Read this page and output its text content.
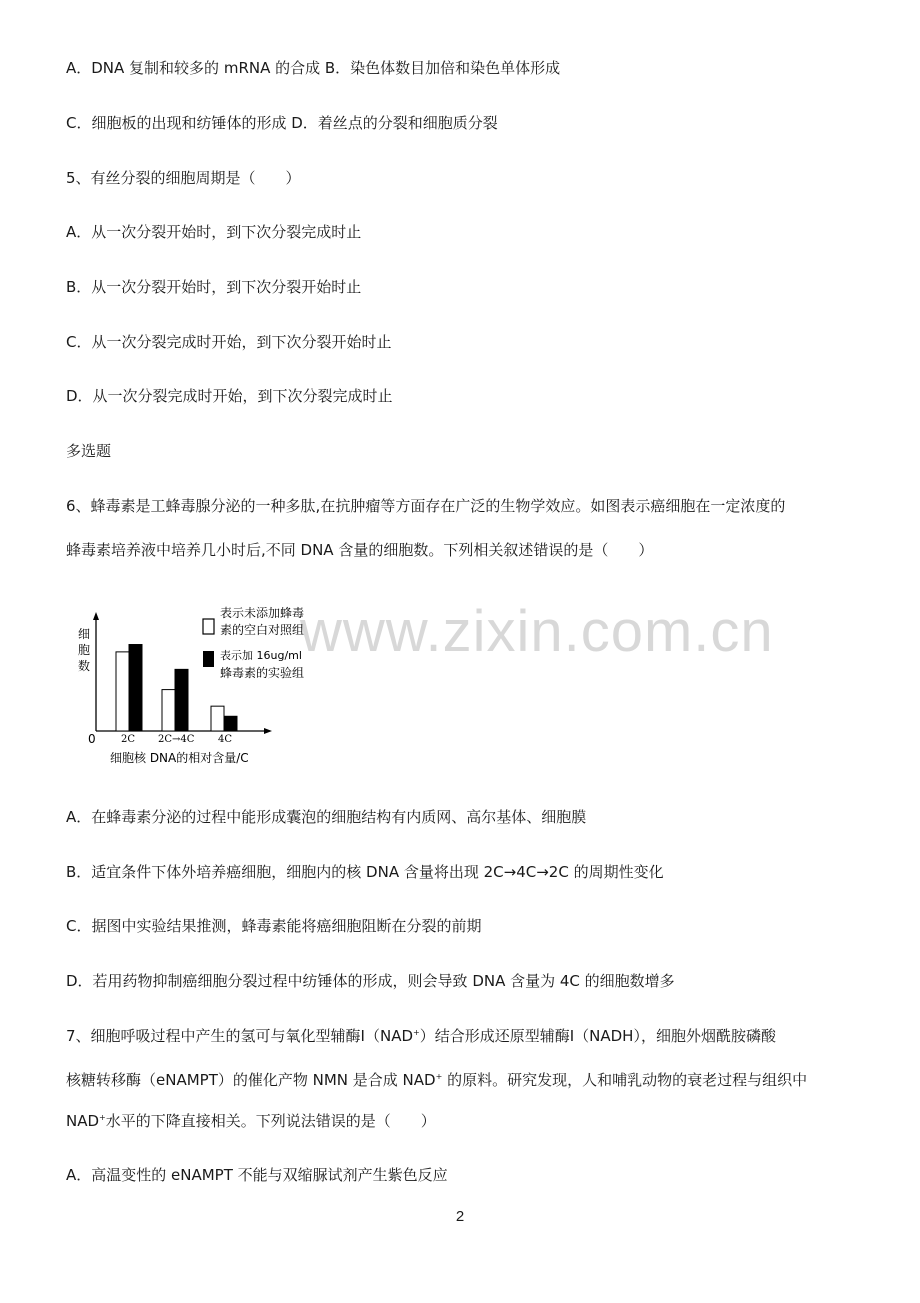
A．DNA 复制和较多的 mRNA 的合成 B．染色体数目加倍和染色单体形成
C．细胞板的出现和纺锤体的形成 D．着丝点的分裂和细胞质分裂
5、有丝分裂的细胞周期是（　　）
A．从一次分裂开始时，到下次分裂完成时止
B．从一次分裂开始时，到下次分裂开始时止
C．从一次分裂完成时开始，到下次分裂开始时止
D．从一次分裂完成时开始，到下次分裂完成时止
多选题
6、蜂毒素是工蜂毒腺分泌的一种多肽,在抗肿瘤等方面存在广泛的生物学效应。如图表示癌细胞在一定浓度的
蜂毒素培养液中培养几小时后,不同 DNA 含量的细胞数。下列相关叙述错误的是（　　）
www.zixin.com.cn
细
胞
数
0	2C 2C→4C 4C
细胞核 DNA的相对含量/C
表示未添加蜂毒
素的空白对照组
表示加 16ug/ml
蜂毒素的实验组
A．在蜂毒素分泌的过程中能形成囊泡的细胞结构有内质网、高尔基体、细胞膜
B．适宜条件下体外培养癌细胞，细胞内的核 DNA 含量将出现 2C→4C→2C 的周期性变化
C．据图中实验结果推测，蜂毒素能将癌细胞阻断在分裂的前期
D．若用药物抑制癌细胞分裂过程中纺锤体的形成，则会导致 DNA 含量为 4C 的细胞数增多
7、细胞呼吸过程中产生的氢可与氧化型辅酶Ⅰ（NAD+）结合形成还原型辅酶Ⅰ（NADH），细胞外烟酰胺磷酸
核糖转移酶（eNAMPT）的催化产物 NMN 是合成 NAD+ 的原料。研究发现，人和哺乳动物的衰老过程与组织中
NAD+水平的下降直接相关。下列说法错误的是（　　）
A．高温变性的 eNAMPT 不能与双缩脲试剂产生紫色反应
2
